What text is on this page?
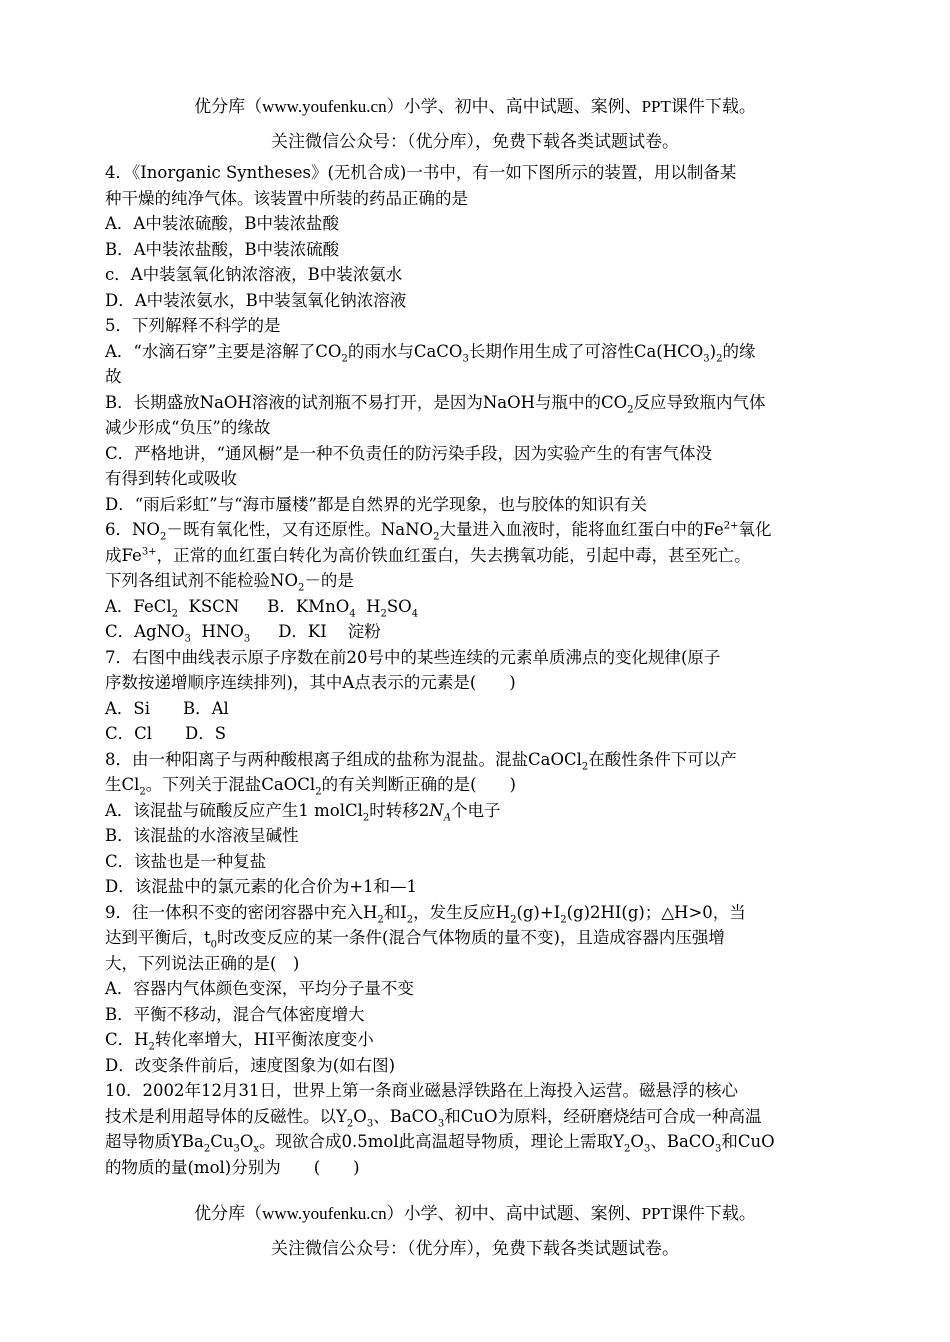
优分库（www.youfenku.cn）小学、初中、高中试题、案例、PPT课件下载。
关注微信公众号：（优分库），免费下载各类试题试卷。
4．《Inorganic Syntheses》(无机合成)一书中，有一如下图所示的装置，用以制备某
种干燥的纯净气体。该装置中所装的药品正确的是
A．A中装浓硫酸，B中装浓盐酸
B．A中装浓盐酸，B中装浓硫酸
c．A中装氢氧化钠浓溶液，B中装浓氨水
D．A中装浓氨水，B中装氢氧化钠浓溶液
5．下列解释不科学的是
A．“水滴石穿”主要是溶解了$CO_2$的雨水与CaCO$_3$长期作用生成了可溶性$Ca(HCO_3)_2$的缘
故
B．长期盛放NaOH溶液的试剂瓶不易打开，是因为NaOH与瓶中的$CO_2$反应导致瓶内气体
减少形成“负压”的缘故
C．严格地讲，“通风橱”是一种不负责任的防污染手段，因为实验产生的有害气体没
有得到转化或吸收
D．“雨后彩虹”与“海市蜃楼”都是自然界的光学现象，也与胶体的知识有关
6．$NO_2-$既有氧化性，又有还原性。NaNO$_2$大量进入血液时，能将血红蛋白中的$Fe^{2+}$氧化
成$Fe^{3+}$，正常的血红蛋白转化为高价铁血红蛋白，失去携氧功能，引起中毒，甚至死亡。
下列各组试剂不能检验$NO_2-$的是
A．FeCl$_2$ KSCN B．KMnO$_4$ $H_2SO_4$
C．AgNO$_3$ $HNO_3$ D．KI 淀粉
7．右图中曲线表示原子序数在前20号中的某些连续的元素单质沸点的变化规律(原子
序数按递增顺序连续排列)，其中A点表示的元素是(　　)
A．Si　　B．Al
C．Cl　　D．S
8．由一种阳离子与两种酸根离子组成的盐称为混盐。混盐CaOCl$_2$在酸性条件下可以产
生$Cl_2$。下列关于混盐CaOCl$_2$的有关判断正确的是(　　)
A．该混盐与硫酸反应产生1 molCl$_2$时转移$2N_A$个电子
B．该混盐的水溶液呈碱性
C．该盐也是一种复盐
D．该混盐中的氯元素的化合价为+1和—1
9．往一体积不变的密闭容器中充入$H_2$和$I_2$，发生反应$H_2(g)+I_2(g)2HI(g)$；△H>0，当
达到平衡后，$t_0$时改变反应的某一条件(混合气体物质的量不变)，且造成容器内压强增
大，下列说法正确的是(　)
A．容器内气体颜色变深，平均分子量不变
B．平衡不移动，混合气体密度增大
C．$H_2$转化率增大，HI平衡浓度变小
D．改变条件前后，速度图象为(如右图)
10．2002年12月31日，世界上第一条商业磁悬浮铁路在上海投入运营。磁悬浮的核心
技术是利用超导体的反磁性。以$Y_2O_3$、BaCO$_3$和CuO为原料，经研磨烧结可合成一种高温
超导物质$YBa_2Cu_3O_x$。现欲合成0.5mol此高温超导物质，理论上需取$Y_2O_3$、BaCO$_3$和CuO
的物质的量(mol)分别为　　(　　)
优分库（www.youfenku.cn）小学、初中、高中试题、案例、PPT课件下载。
关注微信公众号：（优分库），免费下载各类试题试卷。
